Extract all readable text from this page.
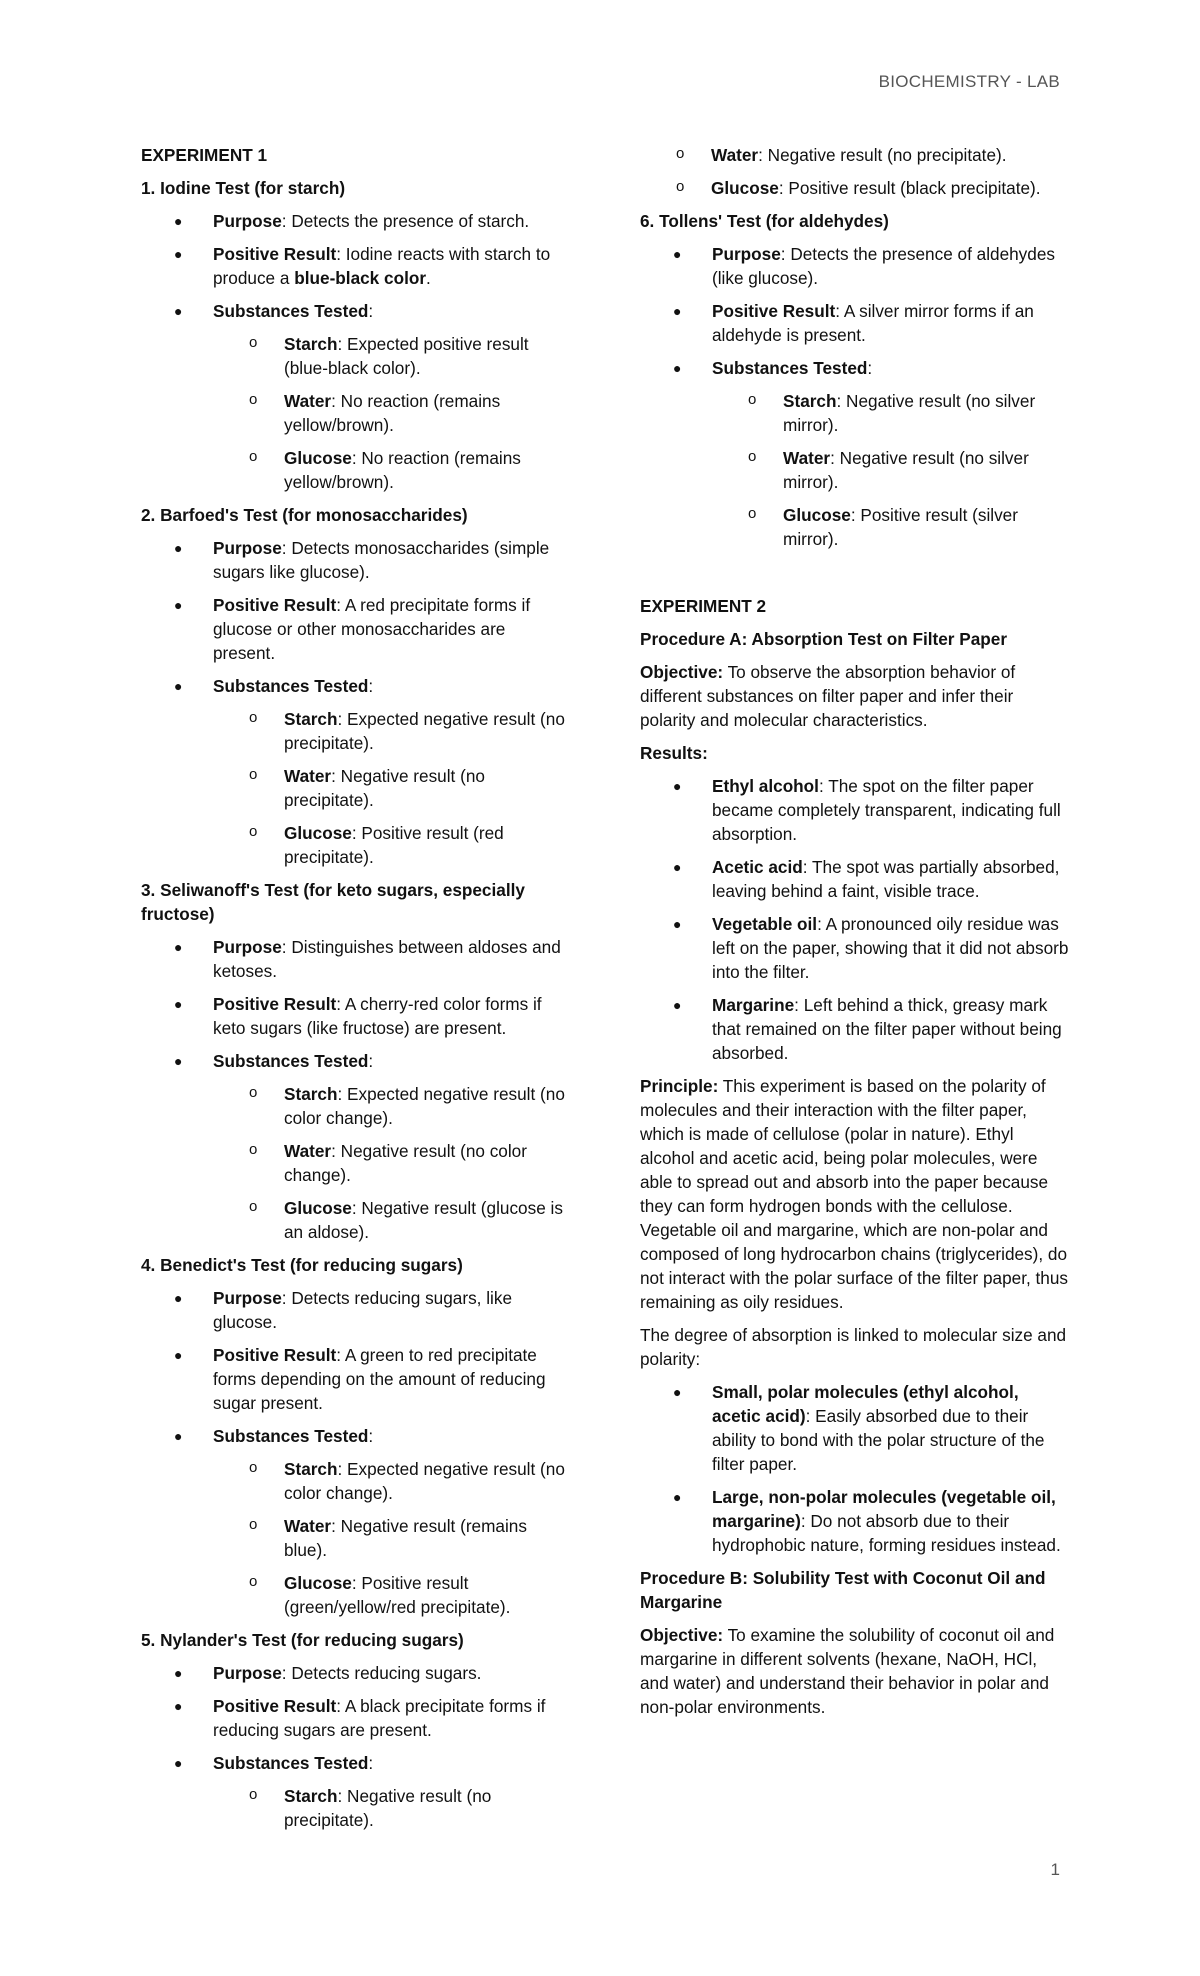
BIOCHEMISTRY - LAB

EXPERIMENT 1

1. Iodine Test (for starch)

● Purpose: Detects the presence of starch.
● Positive Result: Iodine reacts with starch to produce a blue-black color.
● Substances Tested:
o Starch: Expected positive result (blue-black color).
o Water: No reaction (remains yellow/brown).
o Glucose: No reaction (remains yellow/brown).

2. Barfoed's Test (for monosaccharides)

● Purpose: Detects monosaccharides (simple sugars like glucose).
● Positive Result: A red precipitate forms if glucose or other monosaccharides are present.
● Substances Tested:
o Starch: Expected negative result (no precipitate).
o Water: Negative result (no precipitate).
o Glucose: Positive result (red precipitate).

3. Seliwanoff's Test (for keto sugars, especially fructose)

● Purpose: Distinguishes between aldoses and ketoses.
● Positive Result: A cherry-red color forms if keto sugars (like fructose) are present.
● Substances Tested:
o Starch: Expected negative result (no color change).
o Water: Negative result (no color change).
o Glucose: Negative result (glucose is an aldose).

4. Benedict's Test (for reducing sugars)

● Purpose: Detects reducing sugars, like glucose.
● Positive Result: A green to red precipitate forms depending on the amount of reducing sugar present.
● Substances Tested:
o Starch: Expected negative result (no color change).
o Water: Negative result (remains blue).
o Glucose: Positive result (green/yellow/red precipitate).

5. Nylander's Test (for reducing sugars)

● Purpose: Detects reducing sugars.
● Positive Result: A black precipitate forms if reducing sugars are present.
● Substances Tested:
o Starch: Negative result (no precipitate).
o Water: Negative result (no precipitate).
o Glucose: Positive result (black precipitate).

6. Tollens' Test (for aldehydes)

● Purpose: Detects the presence of aldehydes (like glucose).
● Positive Result: A silver mirror forms if an aldehyde is present.
● Substances Tested:
o Starch: Negative result (no silver mirror).
o Water: Negative result (no silver mirror).
o Glucose: Positive result (silver mirror).

EXPERIMENT 2

Procedure A: Absorption Test on Filter Paper

Objective: To observe the absorption behavior of different substances on filter paper and infer their polarity and molecular characteristics.

Results:

● Ethyl alcohol: The spot on the filter paper became completely transparent, indicating full absorption.
● Acetic acid: The spot was partially absorbed, leaving behind a faint, visible trace.
● Vegetable oil: A pronounced oily residue was left on the paper, showing that it did not absorb into the filter.
● Margarine: Left behind a thick, greasy mark that remained on the filter paper without being absorbed.

Principle: This experiment is based on the polarity of molecules and their interaction with the filter paper, which is made of cellulose (polar in nature). Ethyl alcohol and acetic acid, being polar molecules, were able to spread out and absorb into the paper because they can form hydrogen bonds with the cellulose. Vegetable oil and margarine, which are non-polar and composed of long hydrocarbon chains (triglycerides), do not interact with the polar surface of the filter paper, thus remaining as oily residues.

The degree of absorption is linked to molecular size and polarity:

● Small, polar molecules (ethyl alcohol, acetic acid): Easily absorbed due to their ability to bond with the polar structure of the filter paper.
● Large, non-polar molecules (vegetable oil, margarine): Do not absorb due to their hydrophobic nature, forming residues instead.

Procedure B: Solubility Test with Coconut Oil and Margarine

Objective: To examine the solubility of coconut oil and margarine in different solvents (hexane, NaOH, HCl, and water) and understand their behavior in polar and non-polar environments.

1
